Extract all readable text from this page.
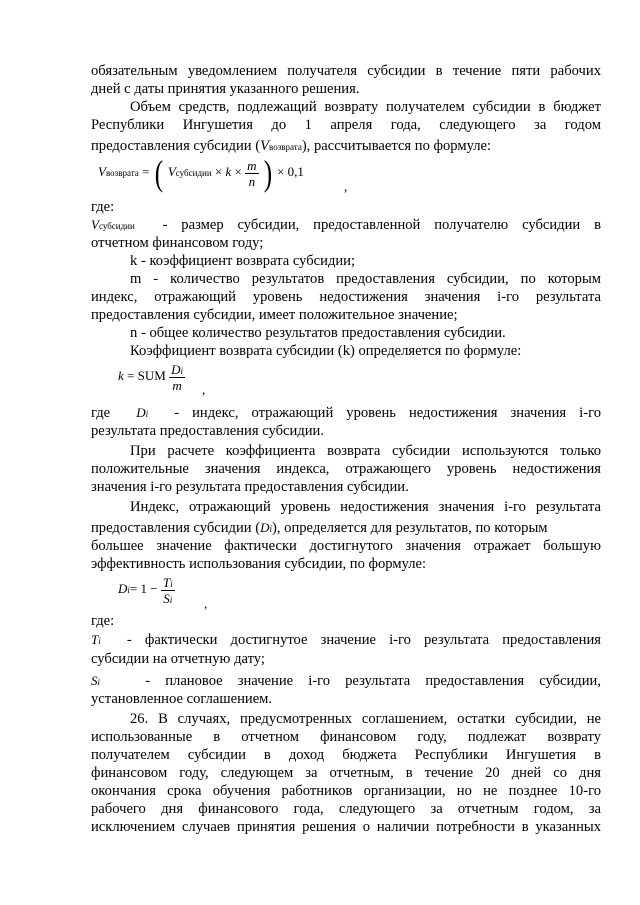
обязательным уведомлением получателя субсидии в течение пяти рабочих
дней с даты принятия указанного решения.
Объем средств, подлежащий возврату получателем субсидии в бюджет
Республики Ингушетия до 1 апреля года, следующего за годом
предоставления субсидии (Vвозврата), рассчитывается по формуле:
Vвозврата = ( Vсубсидии × $k \times \frac{m}{n}$ ) × 0,1
,
где:
Vсубсидии - размер субсидии, предоставленной получателю субсидии в
отчетном финансовом году;
k - коэффициент возврата субсидии;
m - количество результатов предоставления субсидии, по которым
индекс, отражающий уровень недостижения значения i-го результата
предоставления субсидии, имеет положительное значение;
n - общее количество результатов предоставления субсидии.
Коэффициент возврата субсидии (k) определяется по формуле:
k = SUM $\frac{Di}{m}$ ,
где Di - индекс, отражающий уровень недостижения значения i-го
результата предоставления субсидии.
При расчете коэффициента возврата субсидии используются только
положительные значения индекса, отражающего уровень недостижения
значения i-го результата предоставления субсидии.
Индекс, отражающий уровень недостижения значения i-го результата
предоставления субсидии (Di), определяется для результатов, по которым
большее значение фактически достигнутого значения отражает большую
эффективность использования субсидии, по формуле:
$Di= 1 - \frac{Ti}{Si}$ ,
где:
Ti - фактически достигнутое значение i-го результата предоставления
субсидии на отчетную дату;
Si	- плановое значение i-го результата предоставления субсидии,
установленное соглашением.
26. В случаях, предусмотренных соглашением, остатки субсидии, не
использованные в отчетном финансовом году, подлежат возврату
получателем субсидии в доход бюджета Республики Ингушетия в
финансовом году, следующем за отчетным, в течение 20 дней со дня
окончания срока обучения работников организации, но не позднее 10-го
рабочего дня финансового года, следующего за отчетным годом, за
исключением случаев принятия решения о наличии потребности в указанных
